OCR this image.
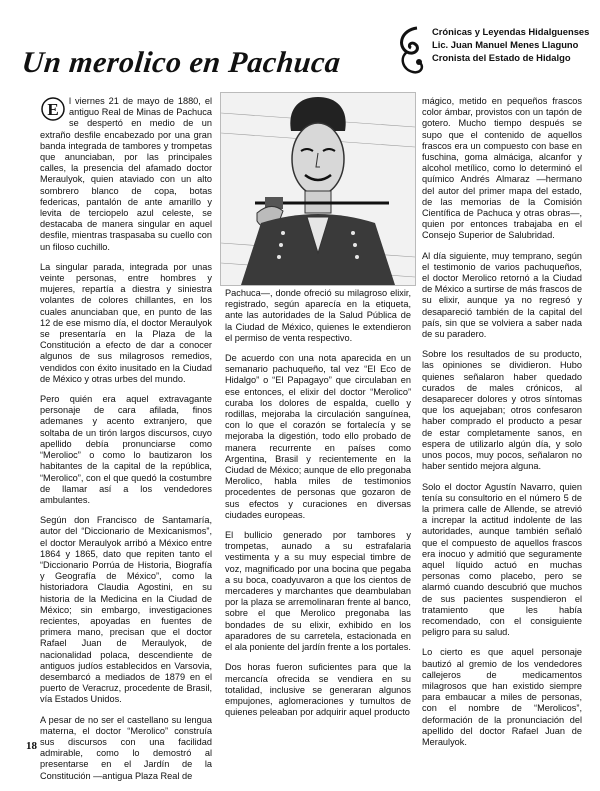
Un merolico en Pachuca
Crónicas y Leyendas Hidalguenses
Lic. Juan Manuel Menes Llaguno
Cronista del Estado de Hidalgo

E l viernes 21 de mayo de 1880, el antiguo Real de Minas de Pachuca se despertó en medio de un extraño desfile encabezado por una gran banda integrada de tambores y trompetas que anunciaban, por las principales calles, la presencia del afamado doctor Meraulyok, quien ataviado con un alto sombrero blanco de copa, botas federicas, pantalón de ante amarillo y levita de terciopelo azul celeste, se destacaba de manera singular en aquel desfile, mientras traspasaba su cuello con un filoso cuchillo.

La singular parada, integrada por unas veinte personas, entre hombres y mujeres, repartía a diestra y siniestra volantes de colores chillantes, en los cuales anunciaban que, en punto de las 12 de ese mismo día, el doctor Meraulyok se presentaría en la Plaza de la Constitución a efecto de dar a conocer algunos de sus milagrosos remedios, vendidos con éxito inusitado en la Ciudad de México y otras urbes del mundo.

Pero quién era aquel extravagante personaje de cara afilada, finos ademanes y acento extranjero, que soltaba de un tirón largos discursos, cuyo apellido debía pronunciarse como “Merolioc” o como lo bautizaron los habitantes de la capital de la república, “Merolico”, con el que quedó la costumbre de llamar así a los vendedores ambulantes.

Según don Francisco de Santamaría, autor del “Diccionario de Mexicanismos”, el doctor Meraulyok arribó a México entre 1864 y 1865, dato que repiten tanto el “Diccionario Porrúa de Historia, Biografía y Geografía de México”, como la historiadora Claudia Agostini, en su historia de la Medicina en la Ciudad de México; sin embargo, investigaciones recientes, apoyadas en fuentes de primera mano, precisan que el doctor Rafael Juan de Meraulyok, de nacionalidad polaca, descendiente de antiguos judíos establecidos en Varsovia, desembarcó a mediados de 1879 en el puerto de Veracruz, procedente de Brasil, vía Estados Unidos.

A pesar de no ser el castellano su lengua materna, el doctor “Merolico” construía sus discursos con una facilidad admirable, como lo demostró al presentarse en el Jardín de la Constitución —antigua Plaza Real de

Pachuca—, donde ofreció su milagroso elixir, registrado, según aparecía en la etiqueta, ante las autoridades de la Salud Pública de la Ciudad de México, quienes le extendieron el permiso de venta respectivo.

De acuerdo con una nota aparecida en un semanario pachuqueño, tal vez “El Eco de Hidalgo” o “El Papagayo” que circulaban en ese entonces, el elixir del doctor “Merolico” curaba los dolores de espalda, cuello y rodillas, mejoraba la circulación sanguínea, con lo que el corazón se fortalecía y se mejoraba la digestión, todo ello probado de manera recurrente en países como Argentina, Brasil y recientemente en la Ciudad de México; aunque de ello pregonaba Merolico, habla miles de testimonios procedentes de personas que gozaron de sus efectos y curaciones en diversas ciudades europeas.

El bullicio generado por tambores y trompetas, aunado a su estrafalaria vestimenta y a su muy especial timbre de voz, magnificado por una bocina que pegaba a su boca, coadyuvaron a que los cientos de mercaderes y marchantes que deambulaban por la plaza se arremolinaran frente al banco, sobre el que Merolico pregonaba las bondades de su elixir, exhibido en los aparadores de su carretela, estacionada en el ala poniente del jardín frente a los portales.

Dos horas fueron suficientes para que la mercancía ofrecida se vendiera en su totalidad, inclusive se generaran algunos empujones, aglomeraciones y tumultos de quienes peleaban por adquirir aquel producto

mágico, metido en pequeños frascos color ámbar, provistos con un tapón de gotero. Mucho tiempo después se supo que el contenido de aquellos frascos era un compuesto con base en fuschina, goma almáciga, alcanfor y alcohol metílico, como lo determinó el químico Andrés Almaraz —hermano del autor del primer mapa del estado, de las memorias de la Comisión Científica de Pachuca y otras obras—, quien por entonces trabajaba en el Consejo Superior de Salubridad.

Al día siguiente, muy temprano, según el testimonio de varios pachuqueños, el doctor Merolico retornó a la Ciudad de México a surtirse de más frascos de su elixir, aunque ya no regresó y desapareció también de la capital del país, sin que se volviera a saber nada de su paradero.

Sobre los resultados de su producto, las opiniones se dividieron. Hubo quienes señalaron haber quedado curados de males crónicos, al desaparecer dolores y otros síntomas que los aquejaban; otros confesaron haber comprado el producto a pesar de estar completamente sanos, en espera de utilizarlo algún día, y solo unos pocos, muy pocos, señalaron no haber sentido mejora alguna.

Solo el doctor Agustín Navarro, quien tenía su consultorio en el número 5 de la primera calle de Allende, se atrevió a increpar la actitud indolente de las autoridades, aunque también señaló que el compuesto de aquellos frascos era inocuo y admitió que seguramente aquel líquido actuó en muchas personas como placebo, pero se alarmó cuando descubrió que muchos de sus pacientes suspendieron el tratamiento que les había recomendado, con el consiguiente peligro para su salud.

Lo cierto es que aquel personaje bautizó al gremio de los vendedores callejeros de medicamentos milagrosos que han existido siempre para embaucar a miles de personas, con el nombre de “Merolicos”, deformación de la pronunciación del apellido del doctor Rafael Juan de Meraulyok.

18
